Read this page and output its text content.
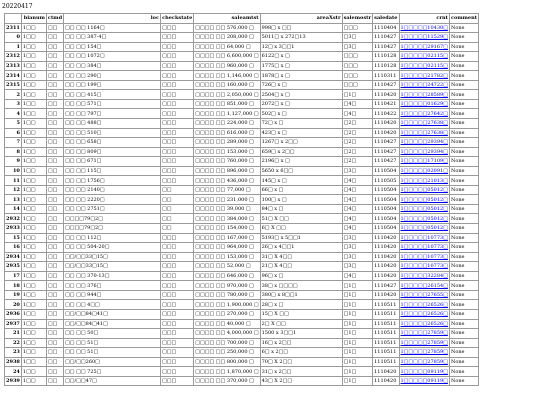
20220417
	bianum	ctmd	loc	checkstate	saleamtst	areaXstr	salemostr	saledate	crnt	comment
2311	1□□	□□	□□ □□ 1164□	□□□	□□□□ □□ 576,000 □	998□ x □□	□□□	1110404	1□□□□□10430□	None
0	1□□	□□	□□ □□ 387-4□	□□□	□□□□ □□ 208,000 □	5011□ x 272□13	□3□	1110427	1□□□□□11529□	None
1	1□□	□□	□□ □□ 154□	□□□	□□□□ □□ 64,000 □	12□ x 3□□1	□3□	1110427	1□□□□□29167□	None
2312	1□□	□□	□□ □□ 1072□	□□□	□□□□ □□ 6,600,000 □	6122□ x □	□□□	1110128	1□□□□□02115□	None
2313	1□□	□□	□□ □□ 384□	□□□	□□□□ □□ 960,000 □	1775□ x □	□□□	1110128	1□□□□□02115□	None
2314	1□□	□□	□□ □□ 290□	□□□	□□□□ □□ 1,146,000 □	1878□ x □	□□□	1110311	1□□□□□21782□	None
2315	1□□	□□	□□ □□ 199□	□□□	□□□□ □□ 160,000 □	726□ x □	□□□	1110427	1□□□□□24722□	None
2	1□□	□□	□□ □□ 415□	□□□	□□□□ □□ 2,050,000 □	2504□ x □	□1□	1110420	1□□□□□28589□	None
3	1□□	□□	□□ □□ 571□	□□□	□□□□ □□ 851,000 □	2072□ x □	□4□	1110421	1□□□□□01629□	None
4	1□□	□□	□□ □□ 797□	□□□	□□□□ □□ 1,127,000 □	502□ x □	□4□	1110422	1□□□□□27642□	None
5	1□□	□□	□□ □□ 488□	□□□	□□□□ □□ 224,000 □	72□ x □	□2□	1110420	1□□□□□27638□	None
6	1□□	□□	□□ □□ 510□	□□□	□□□□ □□ 616,000 □	423□ x □	□2□	1110420	1□□□□□27638□	None
7	1□□	□□	□□ □□ 658□	□□□	□□□□ □□ 289,000 □	1267□ x 2□□	□2□	1110427	1□□□□□29394□	None
8	1□□	□□	□□ □□ 809□	□□□	□□□□ □□ 153,000 □	659□ x 2□□	□2□	1110427	1□□□□□29394□	None
9	1□□	□□	□□ □□ 671□	□□□	□□□□ □□ 760,000 □	2196□ x □	□2□	1110427	1□□□□□17109□	None
10	1□□	□□	□□ □□ 115□	□□□	□□□□ □□ 896,000 □	5650 x 6□□	□3□	1110504	1□□□□□02091□	None
11	1□□	□□	□□ □□ 1756□	□□□	□□□□ □□ 436,000 □	145□ x □	□4□	1110505	1□□□□□21013□	None
12	1□□	□□	□□ □□ 2140□	□□	□□□□ □□ 77,000 □	66□ x □	□4□	1110504	1□□□□□05012□	None
13	1□□	□□	□□ □□ 2220□	□□	□□□□ □□ 231,000 □	100□ x □	□4□	1110504	1□□□□□05012□	None
14	1□□	□□	□□ □□ 2751□	□□	□□□□ □□ 39,000 □	84□ x □	□4□	1110504	1□□□□□05012□	None
2932	1□□	□□	□□□□79□2□	□□	□□□□ □□ 384,000 □	51□ X □□	□4□	1110504	1□□□□□05012□	None
2933	1□□	□□	□□□□79□2□	□□	□□□□ □□ 154,000 □	6□ X □□	□4□	1110504	1□□□□□05012□	None
15	1□□	□□	□□ □□ 112□	□□□	□□□□ □□ 167,000 □	5193□ x 5□□1	□3□	1110420	1□□□□□10773□	None
16	1□□	□□	□□ □□ 504-20□	□□□	□□□□ □□ 964,000 □	26□ x 4□□1	□3□	1110420	1□□□□□10773□	None
2934	1□□	□□	□□/□□33□15□	□□□	□□□□ □□ 153,000 □	31□ X 4□□	□3□	1110420	1□□□□□10773□	None
2935	1□□	□□	□□/□□33□15□	□□□	□□□□ □□ 52,000 □	21□ X 4□□	□3□	1110420	1□□□□□10773□	None
17	1□□	□□	□□ □□ 370-13□	□□□	□□□□ □□ 646,000 □	96□ x □	□4□	1110420	1□□□□□32284□	None
18	1□□	□□	□□ □□ 376□	□□□	□□□□ □□ 970,000 □	38□ x □□□□	□1□	1110427	1□□□□□26154□	None
19	1□□	□□	□□ □□ 944□	□□□	□□□□ □□ 780,000 □	380□ x 8□□1	□1□	1110420	1□□□□□27655□	None
20	1□□	□□	□□ □□ 4□□	□□□	□□□□ □□ 1,900,000 □	28□ x □	□1□	1110511	1□□□□□26526□	None
2936	1□□	□□	□□/□□84□41□	□□□	□□□□ □□ 270,000 □	15□ X □□	□1□	1110511	1□□□□□26526□	None
2937	1□□	□□	□□/□□84□41□	□□□	□□□□ □□ 40,000 □	2□ X □□	□1□	1110511	1□□□□□26526□	None
21	1□□	□□	□□ □□ 50□	□□□	□□□□ □□ 4,000,000 □	1500 x 3□□1	□1□	1110511	1□□□□□27859□	None
22	1□□	□□	□□ □□ 51□	□□□	□□□□ □□ 700,000 □	16□ x 2□□	□1□	1110511	1□□□□□27859□	None
23	1□□	□□	□□ □□ 51□	□□□	□□□□ □□ 250,000 □	6□ x 2□□	□1□	1110511	1□□□□□27859□	None
2938	1□□	□□	□□/□□260□	□□□	□□□□ □□ 800,000 □	70□ X 2□□	□1□	1110511	1□□□□□27859□	None
24	1□□	□□	□□ □□ 725□	□□□	□□□□ □□ 1,870,000 □	31□ x 2□□	□1□	1110420	1□□□□□09119□	None
2939	1□□	□□	□□/□□47□	□□□	□□□□ □□ 370,000 □	43□ X 2□□	□1□	1110420	1□□□□□09119□	None
